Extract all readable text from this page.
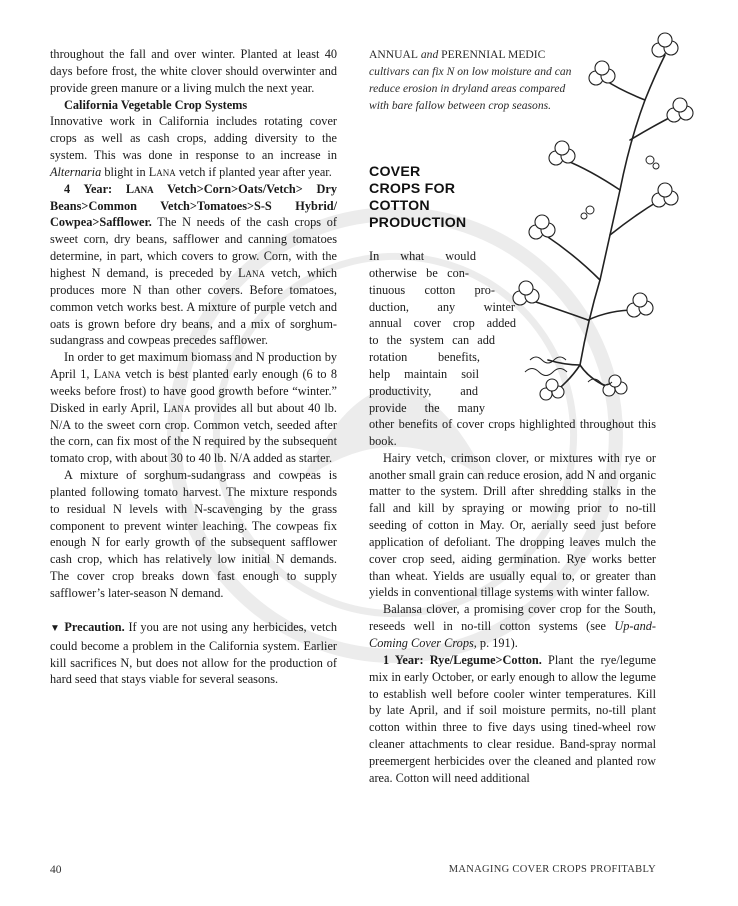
throughout the fall and over winter. Planted at least 40 days before frost, the white clover should overwinter and provide green manure or a living mulch the next year.

California Vegetable Crop Systems
Innovative work in California includes rotating cover crops as well as cash crops, adding diversity to the system. This was done in response to an increase in Alternaria blight in Lana vetch if planted year after year.

4 Year: Lana Vetch>Corn>Oats/Vetch> Dry Beans>Common Vetch>Tomatoes>S-S Hybrid/ Cowpea>Safflower. The N needs of the cash crops of sweet corn, dry beans, safflower and canning tomatoes determine, in part, which covers to grow. Corn, with the highest N demand, is preceded by Lana vetch, which produces more N than other covers. Before tomatoes, common vetch works best. A mixture of purple vetch and oats is grown before dry beans, and a mix of sorghum-sudangrass and cowpeas precedes safflower.

In order to get maximum biomass and N production by April 1, Lana vetch is best planted early enough (6 to 8 weeks before frost) to have good growth before “winter.” Disked in early April, Lana provides all but about 40 lb. N/A to the sweet corn crop. Common vetch, seeded after the corn, can fix most of the N required by the subsequent tomato crop, with about 30 to 40 lb. N/A added as starter.

A mixture of sorghum-sudangrass and cowpeas is planted following tomato harvest. The mixture responds to residual N levels with N-scavenging by the grass component to prevent winter leaching. The cowpeas fix enough N for early growth of the subsequent safflower cash crop, which has relatively low initial N demands. The cover crop breaks down fast enough to supply safflower’s later-season N demand.

▼ Precaution. If you are not using any herbicides, vetch could become a problem in the California system. Earlier kill sacrifices N, but does not allow for the production of hard seed that stays viable for several seasons.

ANNUAL and PERENNIAL MEDIC cultivars can fix N on low moisture and can reduce erosion in dryland areas compared with bare fallow between crop seasons.
COVER
CROPS FOR
COTTON
PRODUCTION
In what would
otherwise be con-
tinuous cotton pro-
duction, any winter
annual cover crop added
to the system can add
rotation benefits,
help maintain soil
productivity, and
provide the many

other benefits of cover crops highlighted throughout this book.

Hairy vetch, crimson clover, or mixtures with rye or another small grain can reduce erosion, add N and organic matter to the system. Drill after shredding stalks in the fall and kill by spraying or mowing prior to no-till seeding of cotton in May. Or, aerially seed just before application of defoliant. The dropping leaves mulch the cover crop seed, aiding germination. Rye works better than wheat. Yields are usually equal to, or greater than yields in conventional tillage systems with winter fallow.

Balansa clover, a promising cover crop for the South, reseeds well in no-till cotton systems (see Up-and-Coming Cover Crops, p. 191).

1 Year: Rye/Legume>Cotton. Plant the rye/legume mix in early October, or early enough to allow the legume to establish well before cooler winter temperatures. Kill by late April, and if soil moisture permits, no-till plant cotton within three to five days using tined-wheel row cleaner attachments to clear residue. Band-spray normal preemergent herbicides over the cleaned and planted row area. Cotton will need additional

40	MANAGING COVER CROPS PROFITABLY
